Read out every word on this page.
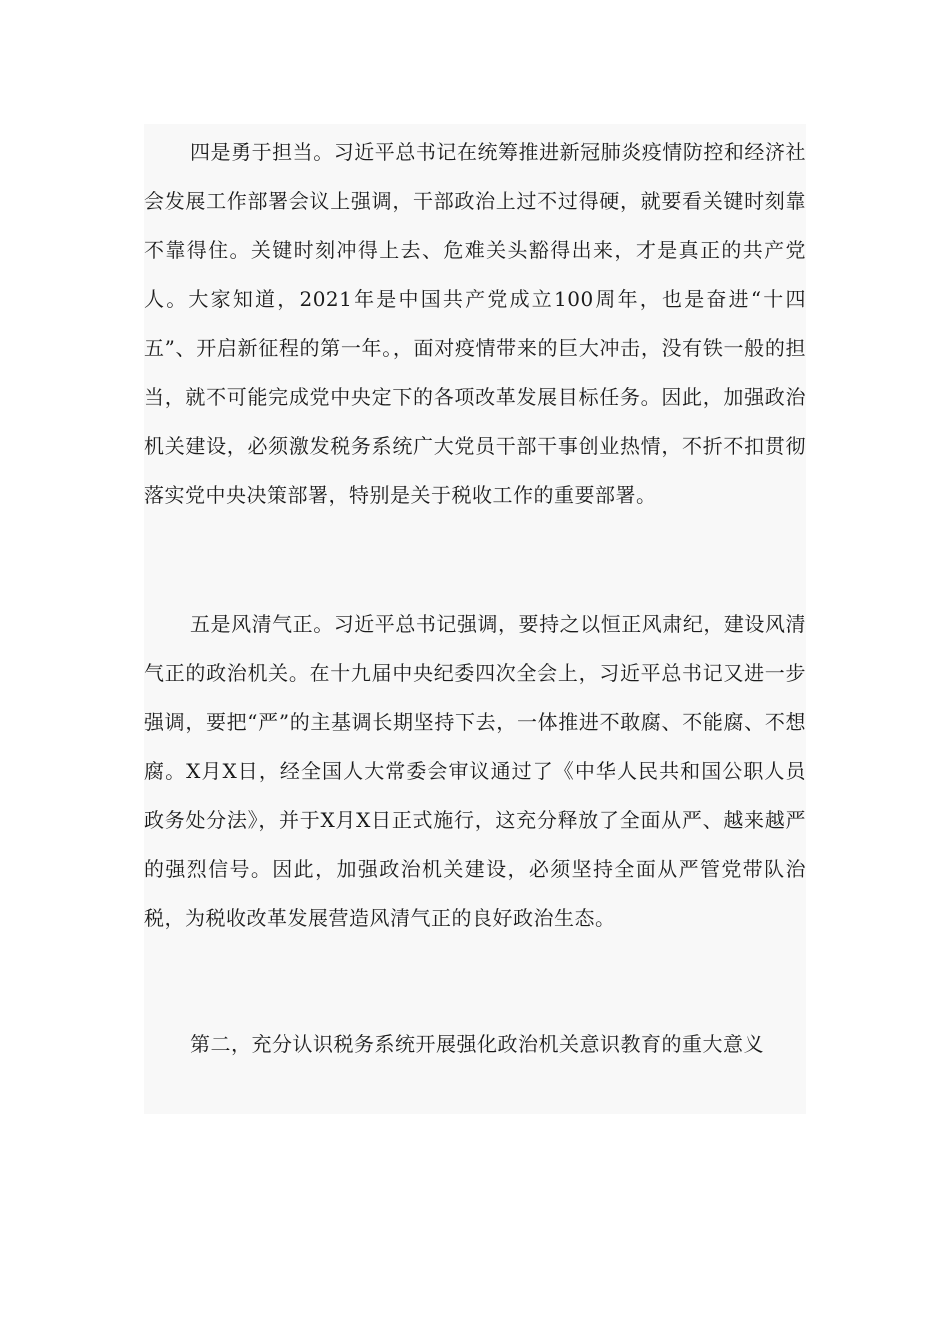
四是勇于担当。习近平总书记在统筹推进新冠肺炎疫情防控和经济社会发展工作部署会议上强调，干部政治上过不过得硬，就要看关键时刻靠不靠得住。关键时刻冲得上去、危难关头豁得出来，才是真正的共产党人。大家知道，2021年是中国共产党成立100周年，也是奋进“十四五”、开启新征程的第一年。，面对疫情带来的巨大冲击，没有铁一般的担当，就不可能完成党中央定下的各项改革发展目标任务。因此，加强政治机关建设，必须激发税务系统广大党员干部干事创业热情，不折不扣贯彻落实党中央决策部署，特别是关于税收工作的重要部署。

五是风清气正。习近平总书记强调，要持之以恒正风肃纪，建设风清气正的政治机关。在十九届中央纪委四次全会上，习近平总书记又进一步强调，要把“严”的主基调长期坚持下去，一体推进不敢腐、不能腐、不想腐。X月X日，经全国人大常委会审议通过了《中华人民共和国公职人员政务处分法》，并于X月X日正式施行，这充分释放了全面从严、越来越严的强烈信号。因此，加强政治机关建设，必须坚持全面从严管党带队治税，为税收改革发展营造风清气正的良好政治生态。

第二，充分认识税务系统开展强化政治机关意识教育的重大意义
